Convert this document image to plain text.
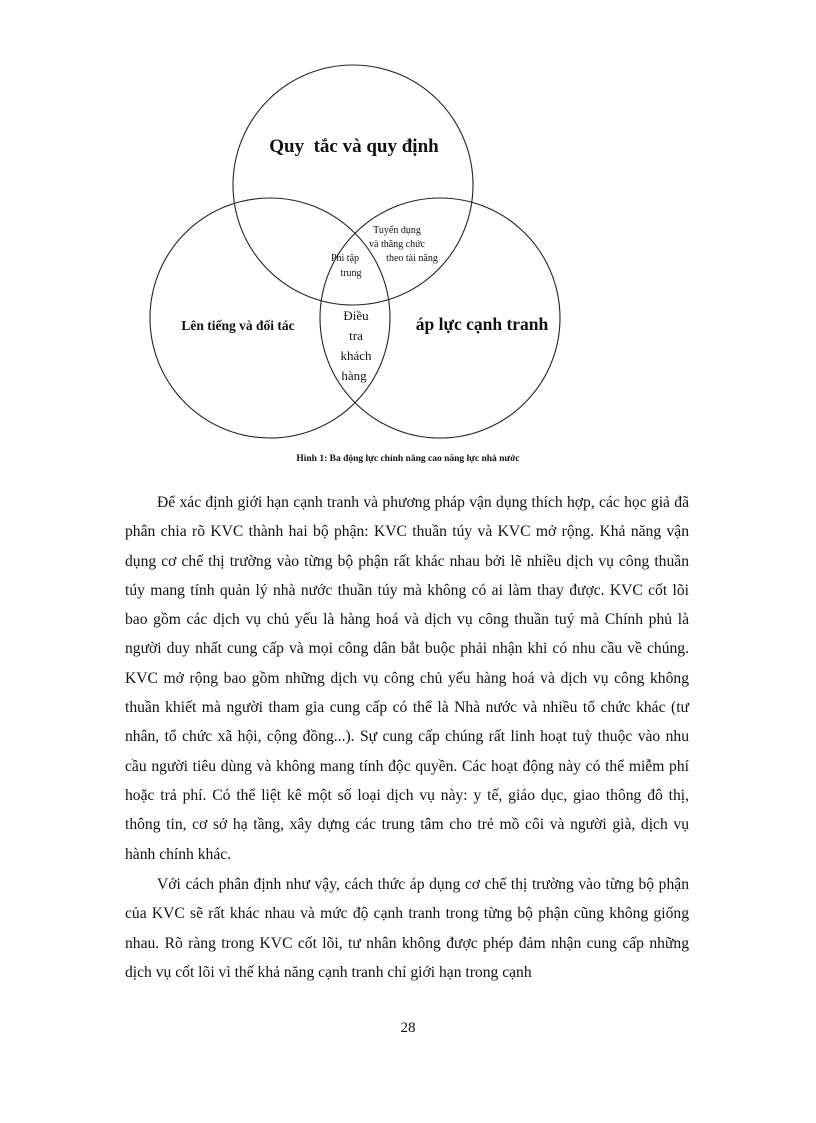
Quy  tắc và quy định
Lên tiếng và đối tác	áp lực cạnh tranh
Tuyển dụng
và thăng chức
theo tài năng
Phi tập
trung
Điều
tra
khách
hàng
Hình 1: Ba động lực chính nâng cao năng lực nhà nước

Để xác định giới hạn cạnh tranh và phương pháp vận dụng thích hợp, các học giả đã phân chia rõ KVC thành hai bộ phận: KVC thuần túy và KVC mở rộng. Khả năng vận dụng cơ chế thị trường vào từng bộ phận rất khác nhau bởi lẽ nhiều dịch vụ công thuần túy mang tính quản lý nhà nước thuần túy mà không có ai làm thay được. KVC cốt lõi bao gồm các dịch vụ chủ yếu là hàng hoá và dịch vụ công thuần tuý mà Chính phủ là người duy nhất cung cấp và mọi công dân bắt buộc phải nhận khi có nhu cầu về chúng. KVC mở rộng bao gồm những dịch vụ công chủ yếu hàng hoá và dịch vụ công không thuần khiết mà người tham gia cung cấp có thể là Nhà nước và nhiều tổ chức khác (tư nhân, tổ chức xã hội, cộng đồng...). Sự cung cấp chúng rất linh hoạt tuỳ thuộc vào nhu cầu người tiêu dùng và không mang tính độc quyền. Các hoạt động này có thể miễm phí hoặc trả phí. Có thể liệt kê một số loại dịch vụ này: y tế, giáo dục, giao thông đô thị, thông tin, cơ sở hạ tầng, xây dựng các trung tâm cho trẻ mồ côi và người già, dịch vụ hành chính khác.

Với cách phân định như vậy, cách thức áp dụng cơ chế thị trường vào từng bộ phận của KVC sẽ rất khác nhau và mức độ cạnh tranh trong từng bộ phận cũng không giống nhau. Rõ ràng trong KVC cốt lõi, tư nhân không được phép đảm nhận cung cấp những dịch vụ cốt lõi vì thế khả năng cạnh tranh chỉ giới hạn trong cạnh

28
